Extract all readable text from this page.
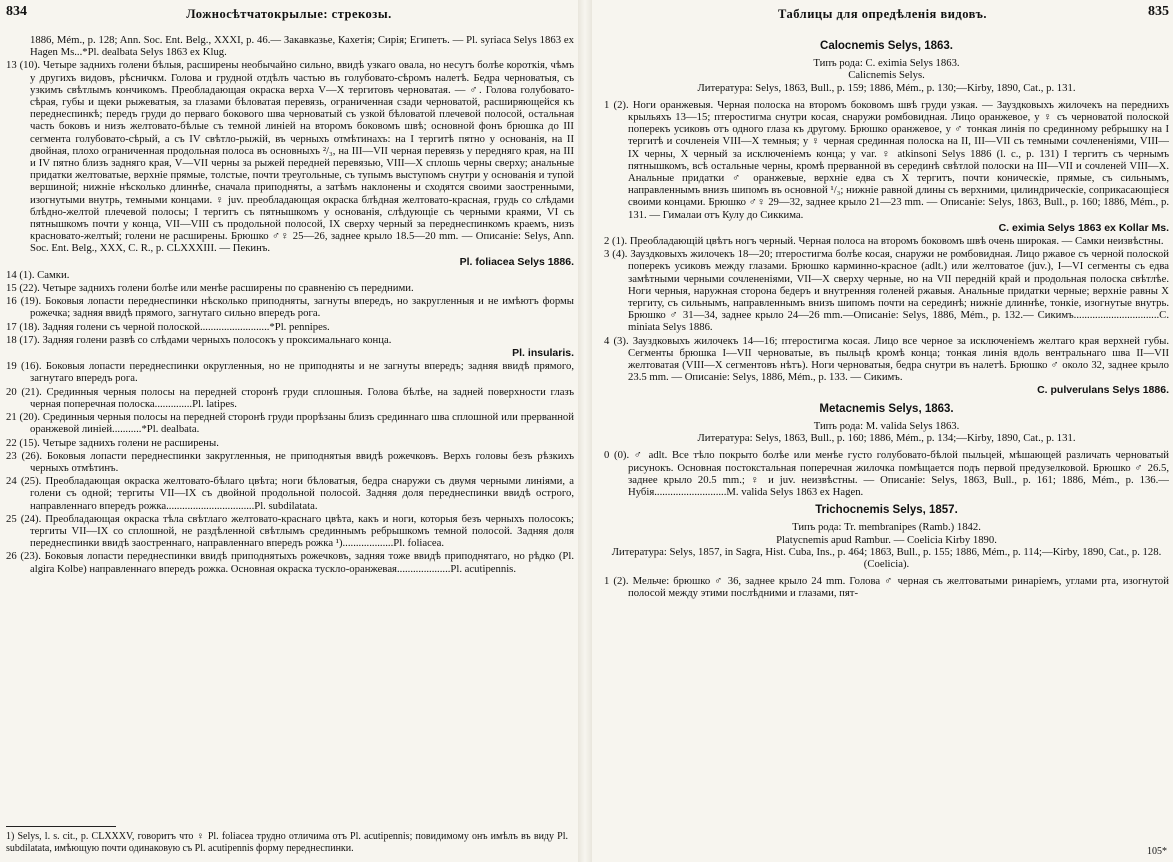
834	Ложносѣтчатокрылые: стрекозы.
1886, Mém., p. 128; Ann. Soc. Ent. Belg., XXXI, p. 46.— Закавказье, Кахетія; Сирія; Египетъ. — Pl. syriaca Selys 1863 ex Hagen Ms...*Pl. dealbata Selys 1863 ex Klug.
13 (10). Четыре заднихъ голени бѣлыя, расширены необычайно сильно, ввидѣ узкаго овала, но несутъ болѣе короткія, чѣмъ у другихъ видовъ, рѣсничкм. Голова и грудной отдѣлъ частью въ голубовато-сѣромъ налетѣ. Бедра черноватыя, съ узкимъ свѣтлымъ кончикомъ. Преобладающая окраска верха V—X тергитовъ черноватая. — ♂. Голова голубовато-сѣрая, губы и щеки рыжеватыя, за глазами бѣловатая перевязь, ограниченная сзади черноватой, расширяющейся къ переднеспинкѣ; передъ груди до перваго бокового шва черноватый съ узкой бѣловатой плечевой полосой, остальная часть боковъ и низъ желтовато-бѣлые съ темной линіей на второмъ боковомъ швѣ; основной фонъ брюшка до III сегмента голубовато-сѣрый, а съ IV свѣтло-рыжій, въ черныхъ отмѣтинахъ: на I тергитѣ пятно у основанія, на II двойная, плохо ограниченная продольная полоса въ основныхъ ²/₃, на III—VII черная перевязь у передняго края, на III и IV пятно близъ задняго края, V—VII черны за рыжей передней перевязью, VIII—X сплошь черны сверху; анальные придатки желтоватые, верхніе прямые, толстые, почти треугольные, съ тупымъ выступомъ снутри у основанія и тупой вершиной; нижніе нѣсколько длиннѣе, сначала приподняты, а затѣмъ наклонены и сходятся своими заостренными, изогнутыми внутрь, темными концами. ♀ juv. преобладающая окраска блѣдная желтовато-красная, грудь со слѣдами блѣдно-желтой плечевой полосы; I тергитъ съ пятнышкомъ у основанія, слѣдующіе съ черными краями, VI съ пятнышкомъ почти у конца, VII—VIII съ продольной полосой, IX сверху черный за переднеспинкомъ краемъ, низъ красновато-желтый; голени не расширены. Брюшко ♂♀ 25—26, заднее крыло 18.5—20 mm. — Описаніе: Selys, Ann. Soc. Ent. Belg., XXX, C. R., p. CLXXXIII. — Пекинъ.
Pl. foliacea Selys 1886.
14 (1). Самки.
15 (22). Четыре заднихъ голени болѣе или менѣе расширены по сравненію съ передними.
16 (19). Боковыя лопасти переднеспинки нѣсколько приподняты, загнуты впередъ, но закругленныя и не имѣютъ формы рожечка; задняя ввидѣ прямого, загнутаго сильно впередъ рога.
17 (18). Задняя голени съ черной полоской..........................*Pl. pennipes.
18 (17). Задняя голени развѣ со слѣдами черныхъ полосокъ у проксимальнаго конца.
Pl. insularis.
19 (16). Боковыя лопасти переднеспинки округленныя, но не приподняты и не загнуты впередъ; задняя ввидѣ прямого, загнутаго впередъ рога.
20 (21). Срединныя черныя полосы на передней сторонѣ груди сплошныя. Голова бѣлѣе, на задней поверхности глазъ черная поперечная полоска..............Pl. latipes.
21 (20). Срединныя черныя полосы на передней сторонѣ груди прорѣзаны близъ срединнаго шва сплошной или прерванной оранжевой линіей...........*Pl. dealbata.
22 (15). Четыре заднихъ голени не расширены.
23 (26). Боковыя лопасти переднеспинки закругленныя, не приподнятыя ввидѣ рожечковъ. Верхъ головы безъ рѣзкихъ черныхъ отмѣтинъ.
24 (25). Преобладающая окраска желтовато-бѣлаго цвѣта; ноги бѣловатыя, бедра снаружи съ двумя черными линіями, а голени съ одной; тергиты VII—IX съ двойной продольной полосой. Задняя доля переднеспинки ввидѣ острого, направленнаго впередъ рожка.................................Pl. subdilatata.
25 (24). Преобладающая окраска тѣла свѣтлаго желтовато-краснаго цвѣта, какъ и ноги, которыя безъ черныхъ полосокъ; тергиты VII—IX со сплошной, не раздѣленной свѣтлымъ срединнымъ ребрышкомъ темной полосой. Задняя доля переднеспинки ввидѣ заостреннаго, направленнаго впередъ рожка ¹)...................Pl. foliacea.
26 (23). Боковыя лопасти переднеспинки ввидѣ приподнятыхъ рожечковъ, задняя тоже ввидѣ приподнятаго, но рѣдко (Pl. algira Kolbe) направленнаго впередъ рожка. Основная окраска тускло-оранжевая....................Pl. acutipennis.
1) Selys, l. s. cit., p. CLXXXV, говоритъ что ♀ Pl. foliacea трудно отличима отъ Pl. acutipennis; повидимому онъ имѣлъ въ виду Pl. subdilatata, имѣющую почти одинаковую съ Pl. acutipennis форму переднеспинки.
Таблицы для опредѣленія видовъ.	835
Calocnemis Selys, 1863.
Типъ рода: C. eximia Selys 1863.
Calicnemis Selys.
Литература: Selys, 1863, Bull., p. 159; 1886, Mém., p. 130;—Kirby, 1890, Cat., p. 131.
1 (2). Ноги оранжевыя. Черная полоска на второмъ боковомъ швѣ груди узкая. — Зауздковыхъ жилочекъ на переднихъ крыльяхъ 13—15; птеростигма снутри косая, снаружи ромбовидная. Лицо оранжевое, у ♀ съ черноватой полоской поперекъ усиковъ отъ одного глаза къ другому. Брюшко оранжевое, у ♂ тонкая линія по срединному ребрышку на I тергитѣ и сочленеія VIII—X темныя; у ♀ черная срединная полоска на II, III—VII съ темными сочлененіями, VIII—IX черны, X черный за исключеніемъ конца; у var. ♀ atkinsoni Selys 1886 (l. c., p. 131) I тергитъ съ чернымъ пятнышкомъ, всѣ остальные черны, кромѣ прерванной въ серединѣ свѣтлой полоски на III—VII и сочленей VIII—X. Анальные придатки ♂ оранжевые, верхніе едва съ X тергитъ, почти коническіе, прямые, съ сильнымъ, направленнымъ внизъ шипомъ въ основной ¹/₃; нижніе равной длины съ верхними, цилиндрическіе, соприкасающіеся своими концами. Брюшко ♂♀ 29—32, заднее крыло 21—23 mm. — Описаніе: Selys, 1863, Bull., p. 160; 1886, Mém., p. 131. — Гималаи отъ Кулу до Сиккима.
C. eximia Selys 1863 ex Kollar Ms.
2 (1). Преобладающій цвѣтъ ногъ черный. Черная полоса на второмъ боковомъ швѣ очень широкая. — Самки неизвѣстны.
3 (4). Зауздковыхъ жилочекъ 18—20; птеростигма болѣе косая, снаружи не ромбовидная. Лицо ржавое съ черной полоской поперекъ усиковъ между глазами. Брюшко карминно-красное (adlt.) или желтоватое (juv.), I—VI сегменты съ едва замѣтными черными сочлененіями, VII—X сверху черные, но на VII передній край и продольная полоска свѣтлѣе. Ноги черныя, наружная сторона бедеръ и внутренняя голеней ржавыя. Анальные придатки черные; верхніе равны X тергиту, съ сильнымъ, направленнымъ внизъ шипомъ почти на серединѣ; нижніе длиннѣе, тонкіе, изогнутые внутрь. Брюшко ♂ 31—34, заднее крыло 24—26 mm.—Описаніе: Selys, 1886, Mém., p. 132.— Сикимъ................................C. miniata Selys 1886.
4 (3). Зауздковыхъ жилочекъ 14—16; птеростигма косая. Лицо все черное за исключеніемъ желтаго края верхней губы. Сегменты брюшка I—VII черноватые, въ пыльцѣ кромѣ конца; тонкая линія вдоль вентральнаго шва II—VII желтоватая (VIII—X сегментовъ нѣтъ). Ноги черноватыя, бедра снутри въ налетѣ. Брюшко ♂ около 32, заднее крыло 23.5 mm. — Описаніе: Selys, 1886, Mém., p. 133. — Сикимъ.
C. pulverulans Selys 1886.
Metacnemis Selys, 1863.
Типъ рода: M. valida Selys 1863.
Литература: Selys, 1863, Bull., p. 160; 1886, Mém., p. 134;—Kirby, 1890, Cat., p. 131.
0 (0). ♂ adlt. Все тѣло покрыто болѣе или менѣе густо голубовато-бѣлой пыльцей, мѣшающей различать черноватый рисунокъ. Основная постокстальная поперечная жилочка помѣщается подъ первой предузелковой. Брюшко ♂ 26.5, заднее крыло 20.5 mm.; ♀ и juv. неизвѣстны. — Описаніе: Selys, 1863, Bull., p. 161; 1886, Mém., p. 136.— Нубія...........................M. valida Selys 1863 ex Hagen.
Trichocnemis Selys, 1857.
Типъ рода: Tr. membranipes (Ramb.) 1842.
Platycnemis apud Rambur. — Coelicia Kirby 1890.
Литература: Selys, 1857, in Sagra, Hist. Cuba, Ins., p. 464; 1863, Bull., p. 155; 1886, Mém., p. 114;—Kirby, 1890, Cat., p. 128. (Coelicia).
1 (2). Мельче: брюшко ♂ 36, заднее крыло 24 mm. Голова ♂ черная съ желтоватыми ринаріемъ, углами рта, изогнутой полосой между этими послѣдними и глазами, пят-
105*
